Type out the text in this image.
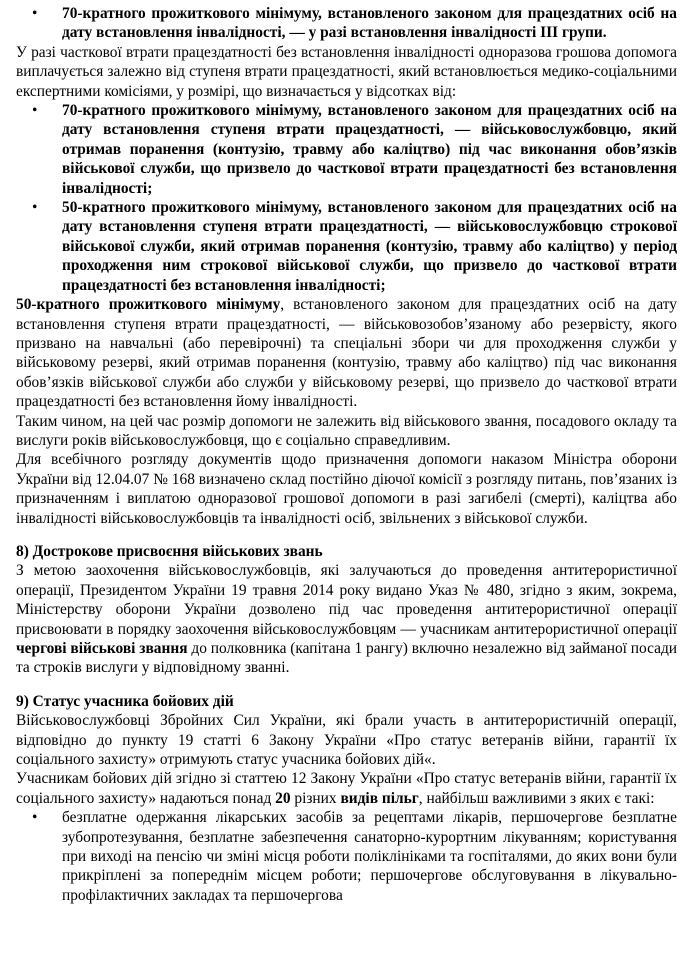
• 70-кратного прожиткового мінімуму, встановленого законом для працездатних осіб на дату встановлення інвалідності, — у разі встановлення інвалідності III групи.

У разі часткової втрати працездатності без встановлення інвалідності одноразова грошова допомога виплачується залежно від ступеня втрати працездатності, який встановлюється медико-соціальними експертними комісіями, у розмірі, що визначається у відсотках від:

• 70-кратного прожиткового мінімуму, встановленого законом для працездатних осіб на дату встановлення ступеня втрати працездатності, — військовослужбовцю, який отримав поранення (контузію, травму або каліцтво) під час виконання обов’язків військової служби, що призвело до часткової втрати працездатності без встановлення інвалідності;
• 50-кратного прожиткового мінімуму, встановленого законом для працездатних осіб на дату встановлення ступеня втрати працездатності, — військовослужбовцю строкової військової служби, який отримав поранення (контузію, травму або каліцтво) у період проходження ним строкової військової служби, що призвело до часткової втрати працездатності без встановлення інвалідності;

50-кратного прожиткового мінімуму, встановленого законом для працездатних осіб на дату встановлення ступеня втрати працездатності, — військовозобов’язаному або резервісту, якого призвано на навчальні (або перевірочні) та спеціальні збори чи для проходження служби у військовому резерві, який отримав поранення (контузію, травму або каліцтво) під час виконання обов’язків військової служби або служби у військовому резерві, що призвело до часткової втрати працездатності без встановлення йому інвалідності.

Таким чином, на цей час розмір допомоги не залежить від військового звання, посадового окладу та вислуги років військовослужбовця, що є соціально справедливим.

Для всебічного розгляду документів щодо призначення допомоги наказом Міністра оборони України від 12.04.07 № 168 визначено склад постійно діючої комісії з розгляду питань, пов’язаних із призначенням і виплатою одноразової грошової допомоги в разі загибелі (смерті), каліцтва або інвалідності військовослужбовців та інвалідності осіб, звільнених з військової служби.

8) Дострокове присвоєння військових звань

З метою заохочення військовослужбовців, які залучаються до проведення антитерористичної операції, Президентом України 19 травня 2014 року видано Указ № 480, згідно з яким, зокрема, Міністерству оборони України дозволено під час проведення антитерористичної операції присвоювати в порядку заохочення військовослужбовцям — учасникам антитерористичної операції чергові військові звання до полковника (капітана 1 рангу) включно незалежно від займаної посади та строків вислуги у відповідному званні.

9) Статус учасника бойових дій

Військовослужбовці Збройних Сил України, які брали участь в антитерористичній операції, відповідно до пункту 19 статті 6 Закону України «Про статус ветеранів війни, гарантії їх соціального захисту» отримують статус учасника бойових дій«.

Учасникам бойових дій згідно зі статтею 12 Закону України «Про статус ветеранів війни, гарантії їх соціального захисту» надаються понад 20 різних видів пільг, найбільш важливими з яких є такі:

• безплатне одержання лікарських засобів за рецептами лікарів, першочергове безплатне зубопротезування, безплатне забезпечення санаторно-курортним лікуванням; користування при виході на пенсію чи зміні місця роботи поліклініками та госпіталями, до яких вони були прикріплені за попереднім місцем роботи; першочергове обслуговування в лікувально-профілактичних закладах та першочергова
